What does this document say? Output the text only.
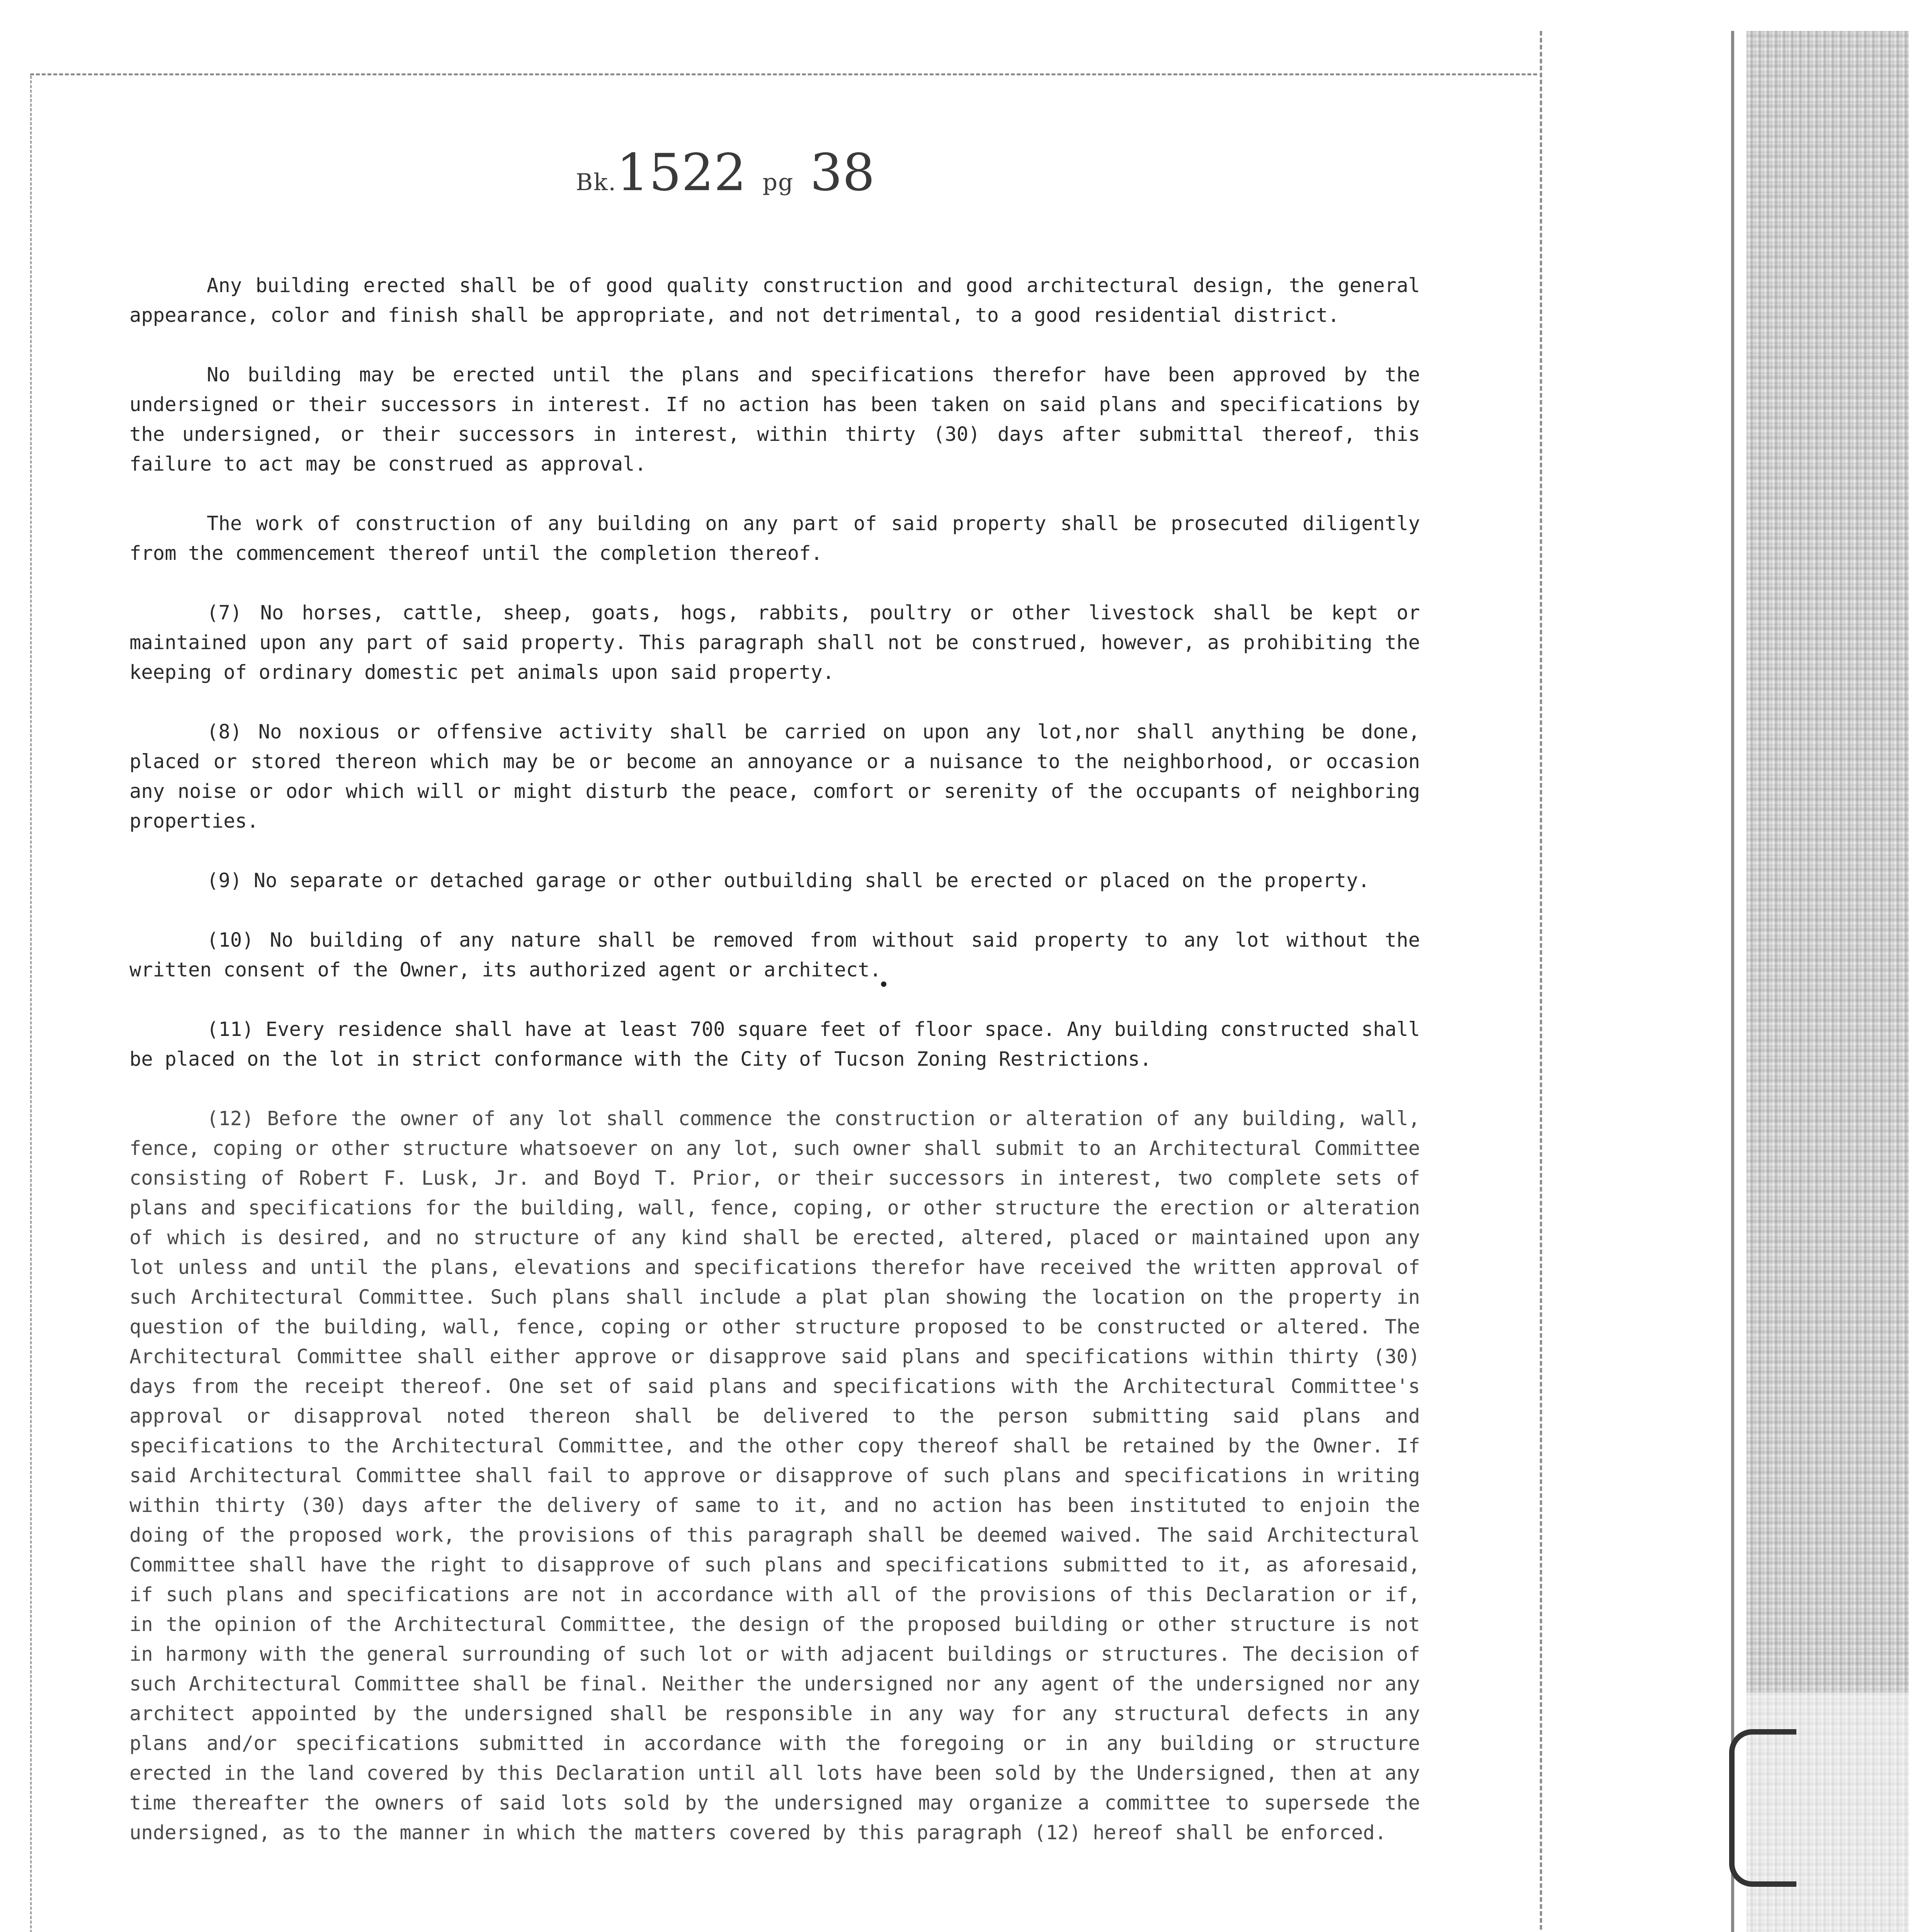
Bk.1522 pg 38

Any building erected shall be of good quality construction and good architectural design, the general appearance, color and finish shall be appropriate, and not detrimental, to a good residential district.

No building may be erected until the plans and specifications therefor have been approved by the undersigned or their successors in interest. If no action has been taken on said plans and specifications by the undersigned, or their successors in interest, within thirty (30) days after submittal thereof, this failure to act may be construed as approval.

The work of construction of any building on any part of said property shall be prosecuted diligently from the commencement thereof until the completion thereof.

(7) No horses, cattle, sheep, goats, hogs, rabbits, poultry or other livestock shall be kept or maintained upon any part of said property. This paragraph shall not be construed, however, as prohibiting the keeping of ordinary domestic pet animals upon said property.

(8) No noxious or offensive activity shall be carried on upon any lot,nor shall anything be done, placed or stored thereon which may be or become an annoyance or a nuisance to the neighborhood, or occasion any noise or odor which will or might disturb the peace, comfort or serenity of the occupants of neighboring properties.

(9) No separate or detached garage or other outbuilding shall be erected or placed on the property.

(10) No building of any nature shall be removed from without said property to any lot without the written consent of the Owner, its authorized agent or architect.

(11) Every residence shall have at least 700 square feet of floor space. Any building constructed shall be placed on the lot in strict conformance with the City of Tucson Zoning Restrictions.

(12) Before the owner of any lot shall commence the construction or alteration of any building, wall, fence, coping or other structure whatsoever on any lot, such owner shall submit to an Architectural Committee consisting of Robert F. Lusk, Jr. and Boyd T. Prior, or their successors in interest, two complete sets of plans and specifications for the building, wall, fence, coping, or other structure the erection or alteration of which is desired, and no structure of any kind shall be erected, altered, placed or maintained upon any lot unless and until the plans, elevations and specifications therefor have received the written approval of such Architectural Committee. Such plans shall include a plat plan showing the location on the property in question of the building, wall, fence, coping or other structure proposed to be constructed or altered. The Architectural Committee shall either approve or disapprove said plans and specifications within thirty (30) days from the receipt thereof. One set of said plans and specifications with the Architectural Committee's approval or disapproval noted thereon shall be delivered to the person submitting said plans and specifications to the Architectural Committee, and the other copy thereof shall be retained by the Owner. If said Architectural Committee shall fail to approve or disapprove of such plans and specifications in writing within thirty (30) days after the delivery of same to it, and no action has been instituted to enjoin the doing of the proposed work, the provisions of this paragraph shall be deemed waived. The said Architectural Committee shall have the right to disapprove of such plans and specifications submitted to it, as aforesaid, if such plans and specifications are not in accordance with all of the provisions of this Declaration or if, in the opinion of the Architectural Committee, the design of the proposed building or other structure is not in harmony with the general surrounding of such lot or with adjacent buildings or structures. The decision of such Architectural Committee shall be final. Neither the undersigned nor any agent of the undersigned nor any architect appointed by the undersigned shall be responsible in any way for any structural defects in any plans and/or specifications submitted in accordance with the foregoing or in any building or structure erected in the land covered by this Declaration until all lots have been sold by the Undersigned, then at any time thereafter the owners of said lots sold by the undersigned may organize a committee to supersede the undersigned, as to the manner in which the matters covered by this paragraph (12) hereof shall be enforced.
